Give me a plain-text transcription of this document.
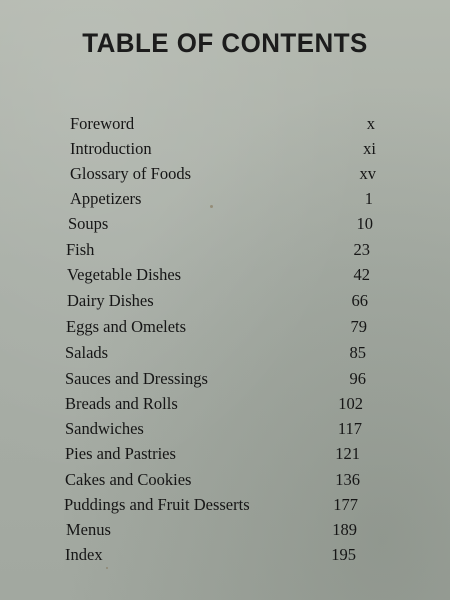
TABLE OF CONTENTS
Foreword	x
Introduction	xi
Glossary of Foods	xv
Appetizers	1
Soups	10
Fish	23
Vegetable Dishes	42
Dairy Dishes	66
Eggs and Omelets	79
Salads	85
Sauces and Dressings	96
Breads and Rolls	102
Sandwiches	117
Pies and Pastries	121
Cakes and Cookies	136
Puddings and Fruit Desserts	177
Menus	189
Index	195
